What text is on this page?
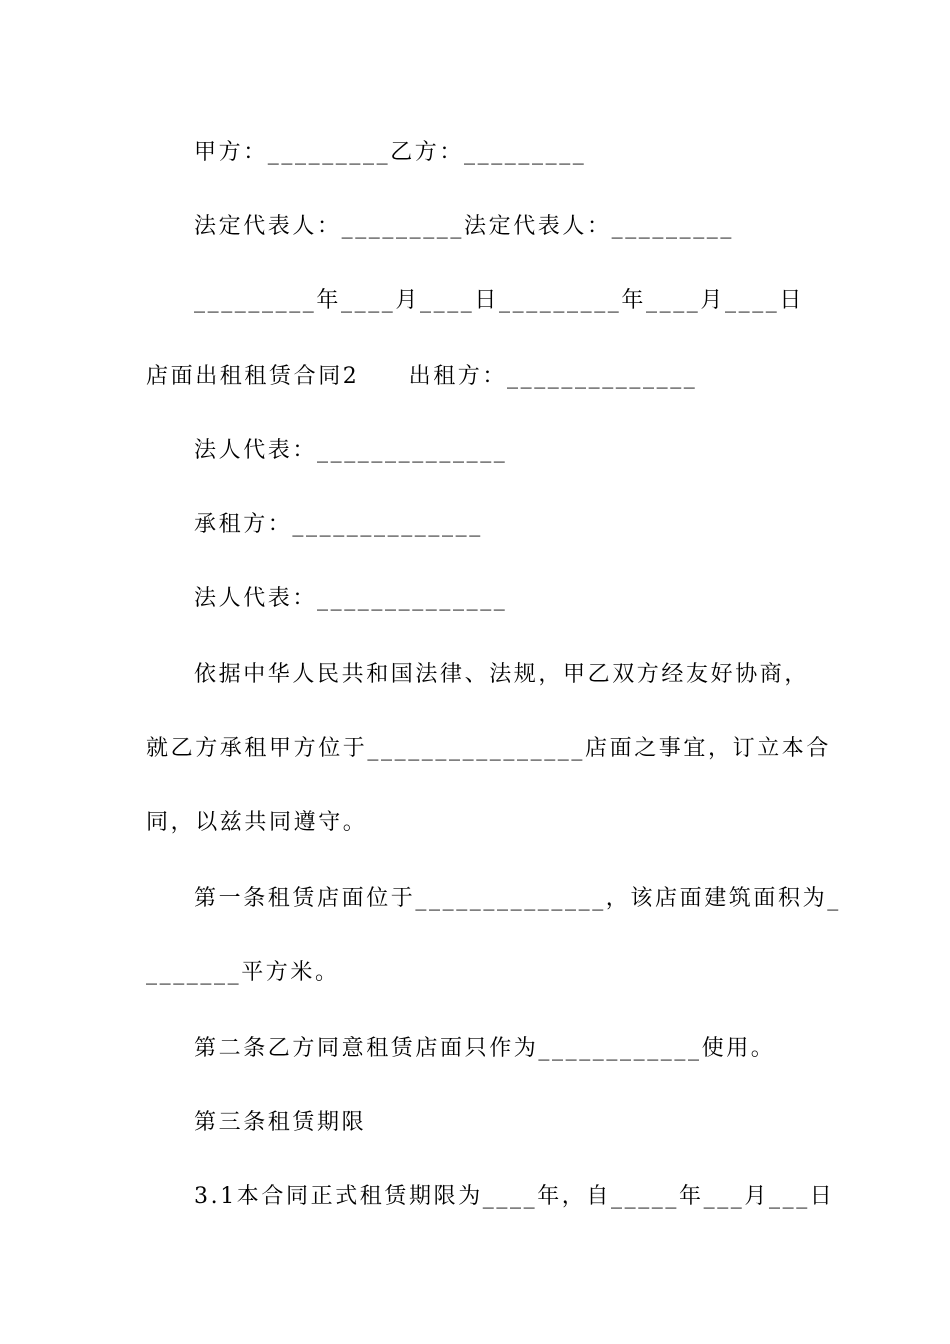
甲方：_________乙方：_________
法定代表人：_________法定代表人：_________
_________年____月____日_________年____月____日
店面出租租赁合同2　　出租方：______________
法人代表：______________
承租方：______________
法人代表：______________
依据中华人民共和国法律、法规，甲乙双方经友好协商，
就乙方承租甲方位于________________店面之事宜，订立本合
同，以兹共同遵守。
第一条租赁店面位于______________，该店面建筑面积为_
_______平方米。
第二条乙方同意租赁店面只作为____________使用。
第三条租赁期限
3.1本合同正式租赁期限为____年，自_____年___月___日
